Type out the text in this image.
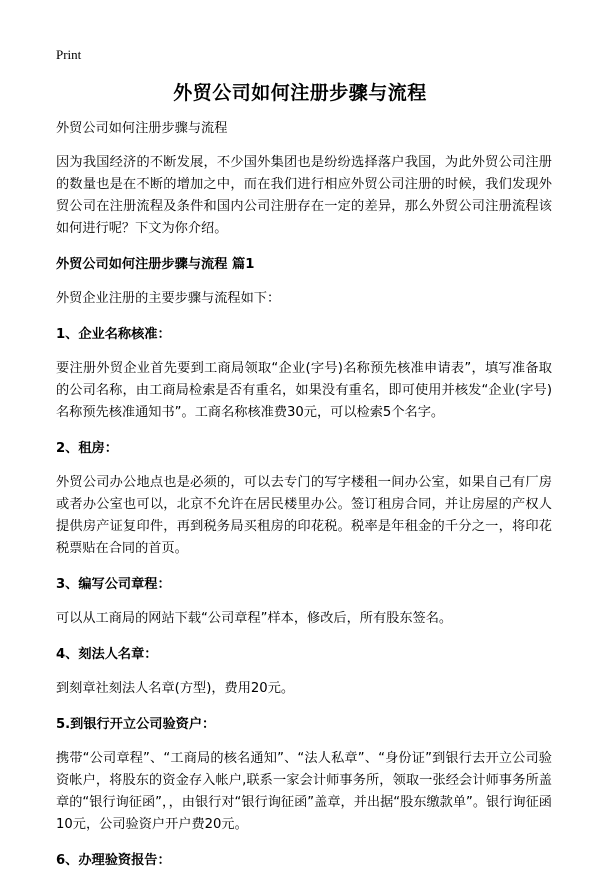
Print
外贸公司如何注册步骤与流程

外贸公司如何注册步骤与流程

因为我国经济的不断发展，不少国外集团也是纷纷选择落户我国，为此外贸公司注册的数量也是在不断的增加之中，而在我们进行相应外贸公司注册的时候，我们发现外贸公司在注册流程及条件和国内公司注册存在一定的差异，那么外贸公司注册流程该如何进行呢？下文为你介绍。

外贸公司如何注册步骤与流程 篇1

外贸企业注册的主要步骤与流程如下：

1、企业名称核准：

要注册外贸企业首先要到工商局领取“企业(字号)名称预先核准申请表”，填写准备取的公司名称，由工商局检索是否有重名，如果没有重名，即可使用并核发“企业(字号)名称预先核准通知书”。工商名称核准费30元，可以检索5个名字。

2、租房：

外贸公司办公地点也是必须的，可以去专门的写字楼租一间办公室，如果自己有厂房或者办公室也可以，北京不允许在居民楼里办公。签订租房合同，并让房屋的产权人提供房产证复印件，再到税务局买租房的印花税。税率是年租金的千分之一，将印花税票贴在合同的首页。

3、编写公司章程：

可以从工商局的网站下载“公司章程”样本，修改后，所有股东签名。

4、刻法人名章：

到刻章社刻法人名章(方型)，费用20元。

5.到银行开立公司验资户：

携带“公司章程”、“工商局的核名通知”、“法人私章”、“身份证”到银行去开立公司验资帐户，将股东的资金存入帐户,联系一家会计师事务所，领取一张经会计师事务所盖章的“银行询征函”，，由银行对“银行询征函”盖章，并出据“股东缴款单”。银行询征函10元，公司验资户开户费20元。

6、办理验资报告：
